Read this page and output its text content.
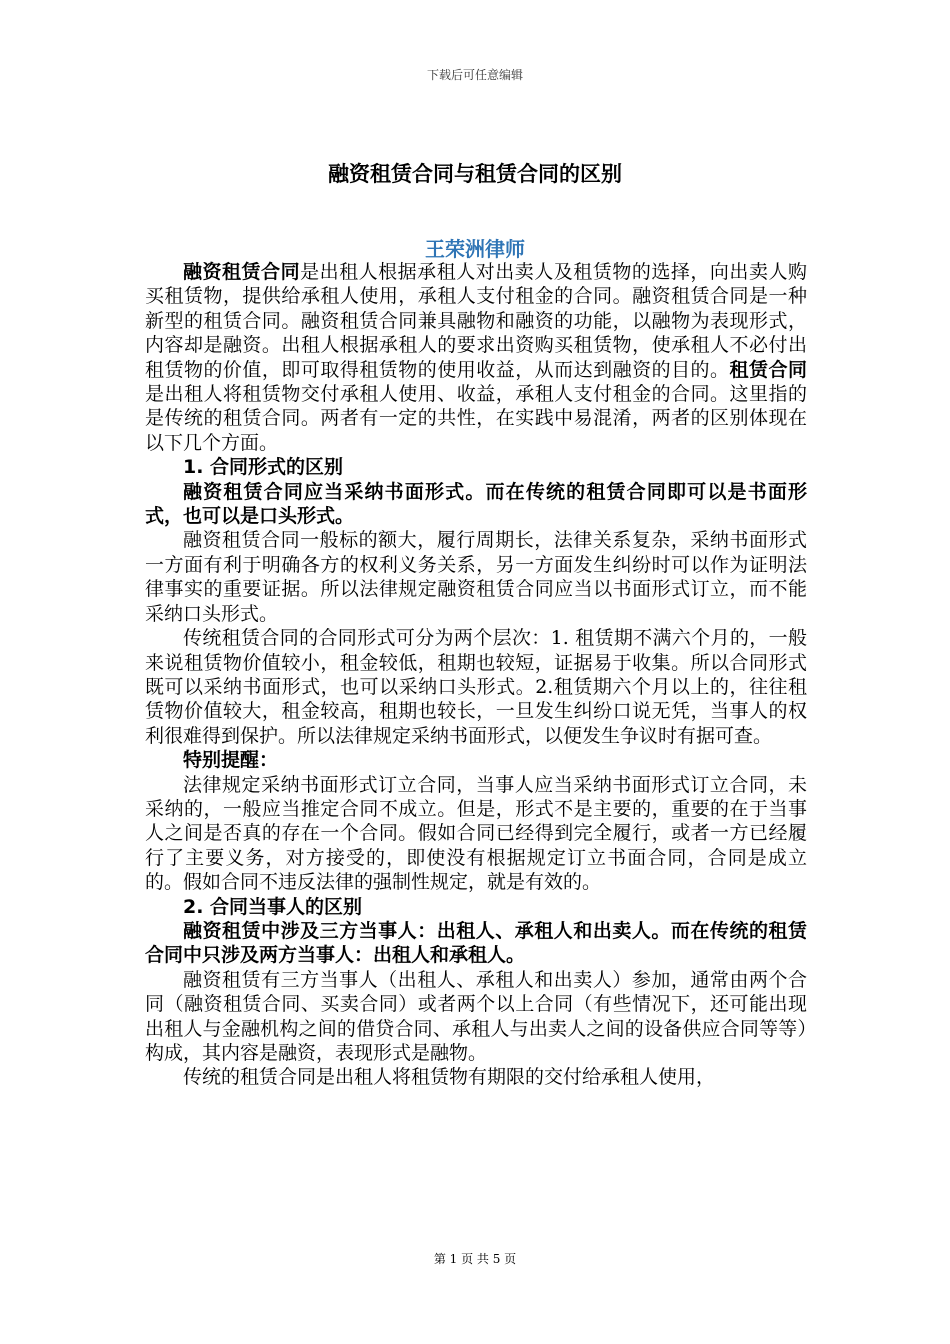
下载后可任意编辑
融资租赁合同与租赁合同的区别
王荣洲律师

融资租赁合同是出租人根据承租人对出卖人及租赁物的选择，向出卖人购买租赁物，提供给承租人使用，承租人支付租金的合同。融资租赁合同是一种新型的租赁合同。融资租赁合同兼具融物和融资的功能，以融物为表现形式，内容却是融资。出租人根据承租人的要求出资购买租赁物，使承租人不必付出租赁物的价值，即可取得租赁物的使用收益，从而达到融资的目的。租赁合同是出租人将租赁物交付承租人使用、收益，承租人支付租金的合同。这里指的是传统的租赁合同。两者有一定的共性，在实践中易混淆，两者的区别体现在以下几个方面。

1. 合同形式的区别

融资租赁合同应当采纳书面形式。而在传统的租赁合同即可以是书面形式，也可以是口头形式。

融资租赁合同一般标的额大，履行周期长，法律关系复杂，采纳书面形式一方面有利于明确各方的权利义务关系，另一方面发生纠纷时可以作为证明法律事实的重要证据。所以法律规定融资租赁合同应当以书面形式订立，而不能采纳口头形式。

传统租赁合同的合同形式可分为两个层次：1. 租赁期不满六个月的，一般来说租赁物价值较小，租金较低，租期也较短，证据易于收集。所以合同形式既可以采纳书面形式，也可以采纳口头形式。2.租赁期六个月以上的，往往租赁物价值较大，租金较高，租期也较长，一旦发生纠纷口说无凭，当事人的权利很难得到保护。所以法律规定采纳书面形式，以便发生争议时有据可查。

特别提醒：

法律规定采纳书面形式订立合同，当事人应当采纳书面形式订立合同，未采纳的，一般应当推定合同不成立。但是，形式不是主要的，重要的在于当事人之间是否真的存在一个合同。假如合同已经得到完全履行，或者一方已经履行了主要义务，对方接受的，即使没有根据规定订立书面合同，合同是成立的。假如合同不违反法律的强制性规定，就是有效的。

2. 合同当事人的区别

融资租赁中涉及三方当事人：出租人、承租人和出卖人。而在传统的租赁合同中只涉及两方当事人：出租人和承租人。

融资租赁有三方当事人（出租人、承租人和出卖人）参加，通常由两个合同（融资租赁合同、买卖合同）或者两个以上合同（有些情况下，还可能出现出租人与金融机构之间的借贷合同、承租人与出卖人之间的设备供应合同等等）构成，其内容是融资，表现形式是融物。

传统的租赁合同是出租人将租赁物有期限的交付给承租人使用，

第 1 页 共 5 页
